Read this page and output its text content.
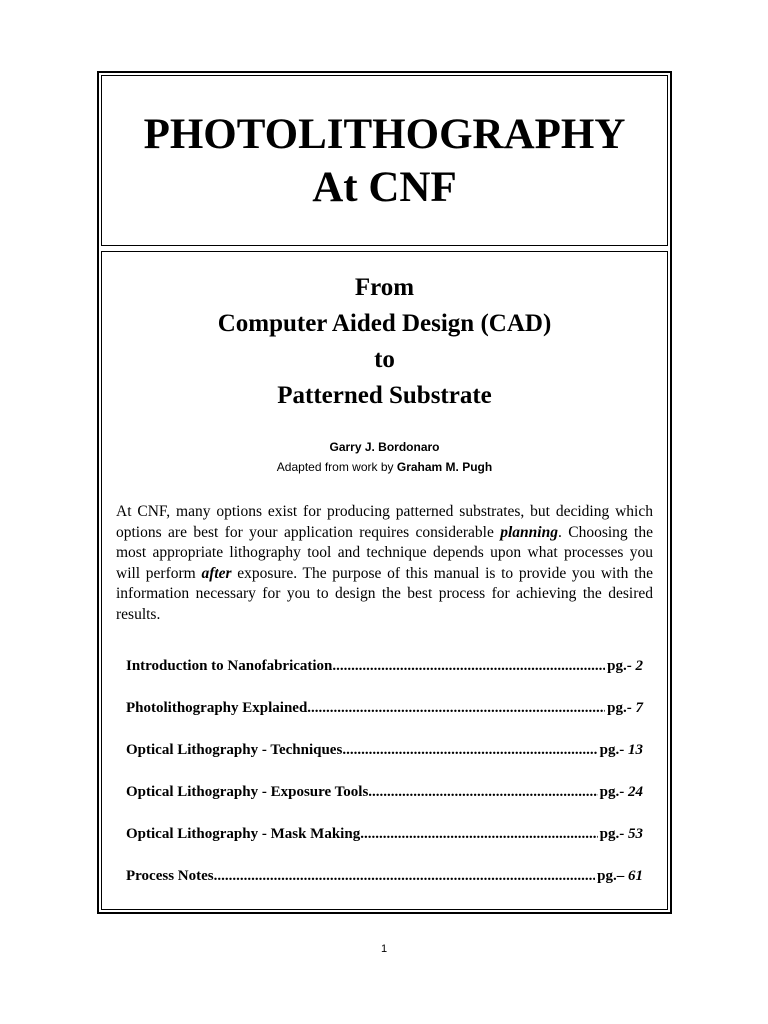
PHOTOLITHOGRAPHY
At CNF
From
Computer Aided Design (CAD)
to
Patterned Substrate
Garry J. Bordonaro
Adapted from work by Graham M. Pugh

At CNF, many options exist for producing patterned substrates, but deciding which options are best for your application requires considerable planning. Choosing the most appropriate lithography tool and technique depends upon what processes you will perform after exposure. The purpose of this manual is to provide you with the information necessary for you to design the best process for achieving the desired results.

Introduction to Nanofabrication .....	pg.- 2
Photolithography Explained .....	pg.- 7
Optical Lithography - Techniques .....	pg.- 13
Optical Lithography - Exposure Tools .....	pg.- 24
Optical Lithography - Mask Making .....	pg.- 53
Process Notes .....	pg.– 61
1
